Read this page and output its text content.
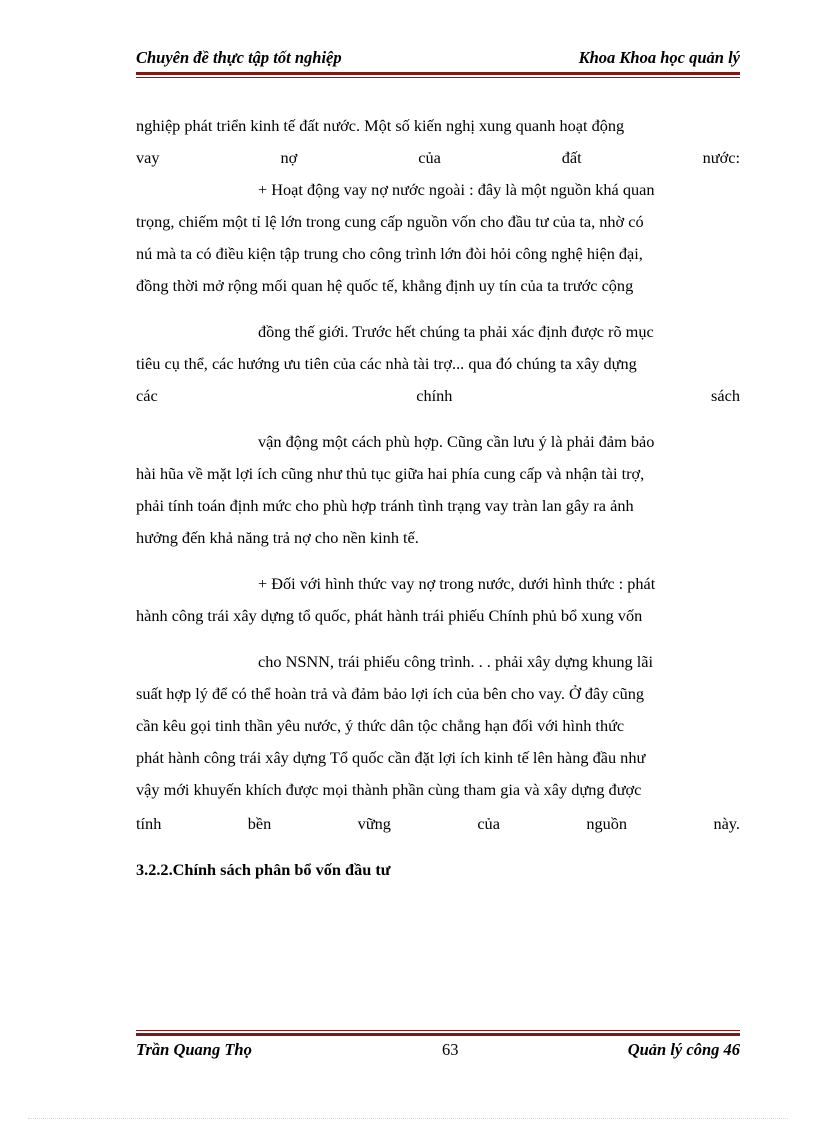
Chuyên đề thực tập tốt nghiệp	Khoa Khoa học quản lý
nghiệp phát triển kinh tế đất nước. Một số kiến nghị xung quanh hoạt động
vay	nợ	của	đất	nước:
+ Hoạt động vay nợ nước ngoài : đây là một nguồn khá quan
trọng, chiếm một tỉ lệ lớn trong cung cấp nguồn vốn cho đầu tư của ta, nhờ có
nú mà ta có điều kiện tập trung cho công trình lớn đòi hỏi công nghệ hiện đại,
đồng thời mở rộng mối quan hệ quốc tế, khẳng định uy tín của ta trước cộng
đồng thế giới. Trước hết chúng ta phải xác định được rõ mục
tiêu cụ thể, các hướng ưu tiên của các nhà tài trợ... qua đó chúng ta xây dựng
các	chính	sách
vận động một cách phù hợp. Cũng cần lưu ý là phải đảm bảo
hài hũa về mặt lợi ích cũng như thủ tục giữa hai phía cung cấp và nhận tài trợ,
phải tính toán định mức cho phù hợp tránh tình trạng vay tràn lan gây ra ảnh
hưởng đến khả năng trả nợ cho nền kinh tế.
+ Đối với hình thức vay nợ trong nước, dưới hình thức : phát
hành công trái xây dựng tổ quốc, phát hành trái phiếu Chính phủ bổ xung vốn
cho NSNN, trái phiếu công trình. . . phải xây dựng khung lãi
suất hợp lý để có thể hoàn trả và đảm bảo lợi ích của bên cho vay. Ở đây cũng
cần kêu gọi tinh thần yêu nước, ý thức dân tộc chẳng hạn đối với hình thức
phát hành công trái xây dựng Tổ quốc cần đặt lợi ích kinh tế lên hàng đầu như
vậy mới khuyến khích được mọi thành phần cùng tham gia và xây dựng được
tính	bền	vững	của	nguồn	này.
3.2.2.Chính sách phân bổ vốn đầu tư
Trần Quang Thọ	63	Quản lý công 46
